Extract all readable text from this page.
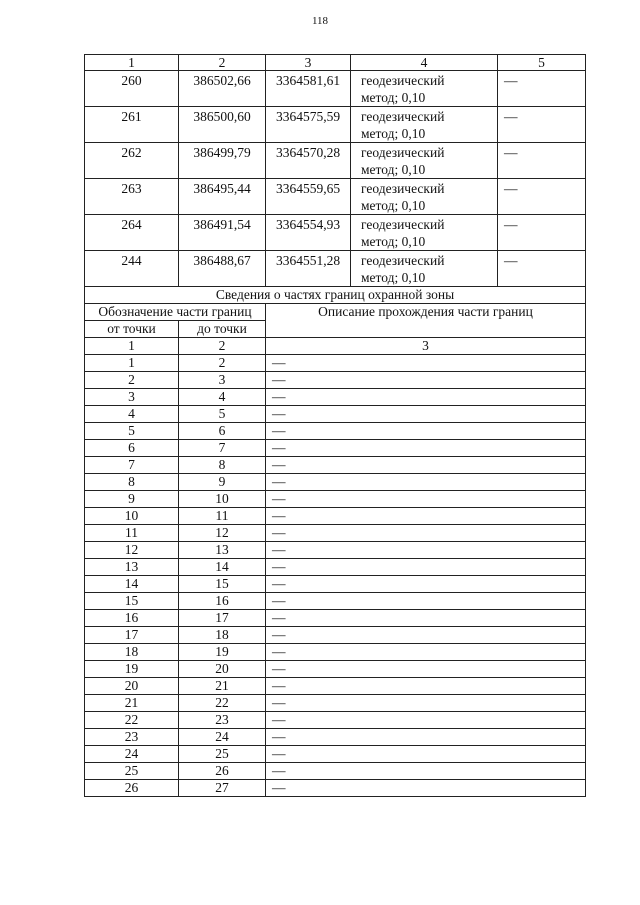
118
1	2	3	4	5
260	386502,66	3364581,61	геодезический
метод; 0,10	—
261	386500,60	3364575,59	геодезический
метод; 0,10	—
262	386499,79	3364570,28	геодезический
метод; 0,10	—
263	386495,44	3364559,65	геодезический
метод; 0,10	—
264	386491,54	3364554,93	геодезический
метод; 0,10	—
244	386488,67	3364551,28	геодезический
метод; 0,10	—
Сведения о частях границ охранной зоны		
Обозначение части границ		Описание прохождения части границ
от точки	до точки	
1	2	3
1	2	—
2	3	—
3	4	—
4	5	—
5	6	—
6	7	—
7	8	—
8	9	—
9	10	—
10	11	—
11	12	—
12	13	—
13	14	—
14	15	—
15	16	—
16	17	—
17	18	—
18	19	—
19	20	—
20	21	—
21	22	—
22	23	—
23	24	—
24	25	—
25	26	—
26	27	—
